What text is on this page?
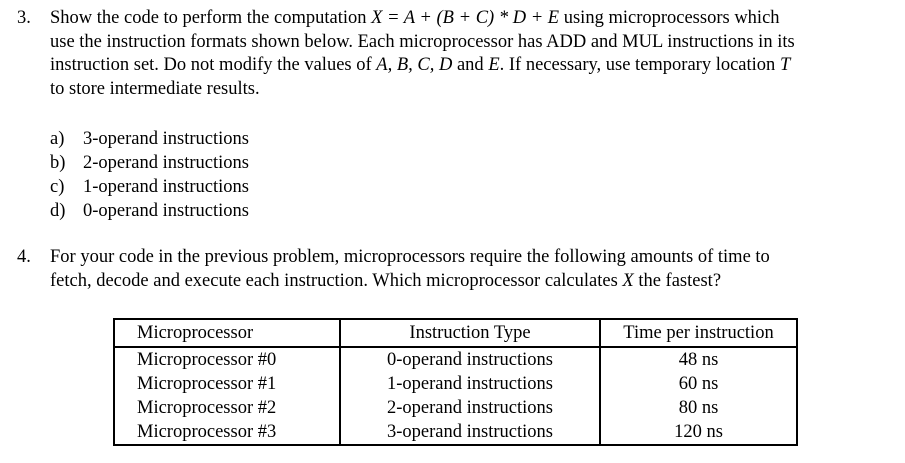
3. Show the code to perform the computation X = A + (B + C) * D + E using microprocessors which
use the instruction formats shown below. Each microprocessor has ADD and MUL instructions in its
instruction set. Do not modify the values of A, B, C, D and E. If necessary, use temporary location T
to store intermediate results.
a) 3-operand instructions
b) 2-operand instructions
c) 1-operand instructions
d) 0-operand instructions
4. For your code in the previous problem, microprocessors require the following amounts of time to
fetch, decode and execute each instruction. Which microprocessor calculates X the fastest?
Microprocessor	Instruction Type	Time per instruction
Microprocessor #0	0-operand instructions	48 ns
Microprocessor #1	1-operand instructions	60 ns
Microprocessor #2	2-operand instructions	80 ns
Microprocessor #3	3-operand instructions	120 ns
